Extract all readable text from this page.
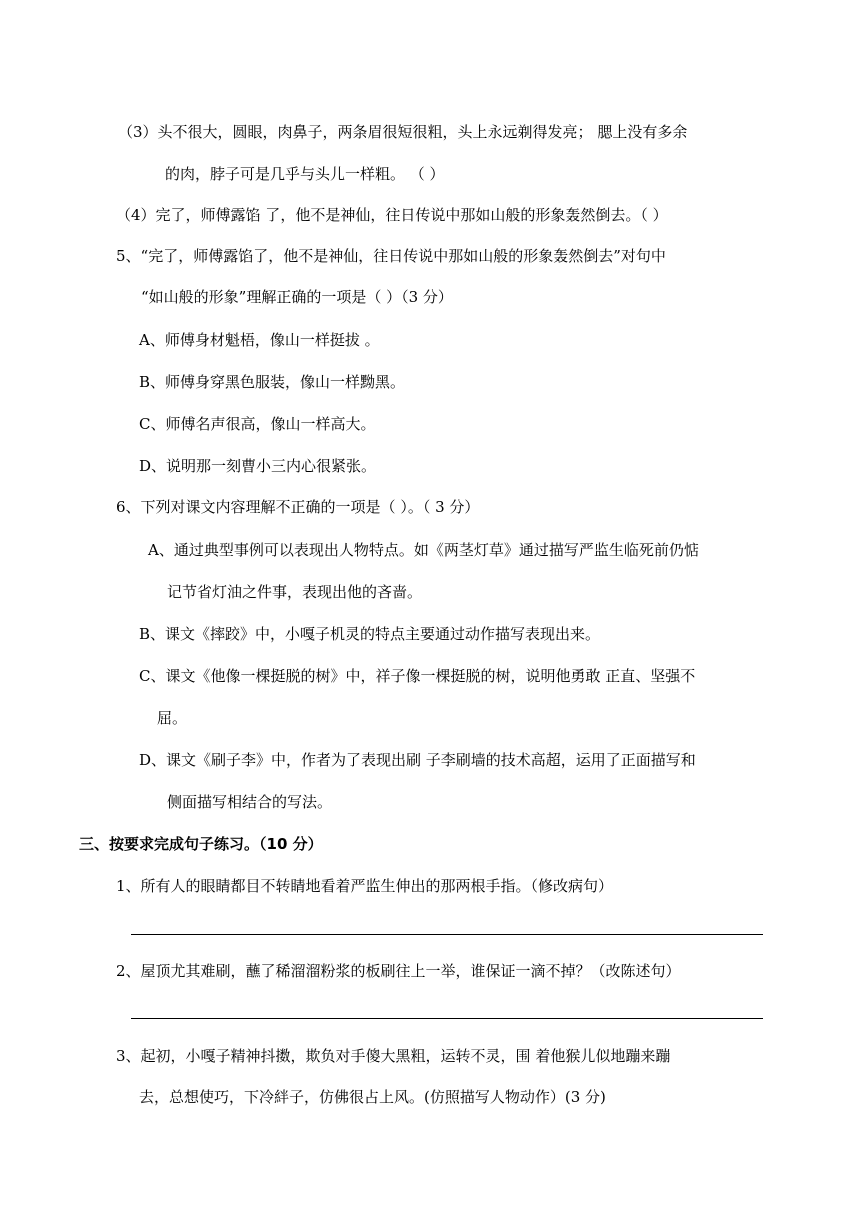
（3）头不很大，圆眼，肉鼻子，两条眉很短很粗，头上永远剃得发亮； 腮上没有多余
的肉，脖子可是几乎与头儿一样粗。 （ ）
（4）完了，师傅露馅 了，他不是神仙，往日传说中那如山般的形象轰然倒去。（ ）
5、“完了，师傅露馅了，他不是神仙，往日传说中那如山般的形象轰然倒去”对句中
“如山般的形象”理解正确的一项是（ ）（3 分）
A、师傅身材魁梧，像山一样挺拔 。
B、师傅身穿黑色服装，像山一样黝黑。
C、师傅名声很高，像山一样高大。
D、说明那一刻曹小三内心很紧张。
6、下列对课文内容理解不正确的一项是（ ）。（ 3 分）
A、通过典型事例可以表现出人物特点。如《两茎灯草》通过描写严监生临死前仍惦
记节省灯油之件事，表现出他的吝啬。
B、课文《摔跤》中，小嘎子机灵的特点主要通过动作描写表现出来。
C、课文《他像一棵挺脱的树》中，祥子像一棵挺脱的树，说明他勇敢 正直、坚强不
屈。
D、课文《刷子李》中，作者为了表现出刷 子李刷墙的技术高超，运用了正面描写和
侧面描写相结合的写法。
三、按要求完成句子练习。（10 分）
1、所有人的眼睛都目不转睛地看着严监生伸出的那两根手指。（修改病句）
2、屋顶尤其难刷，蘸了稀溜溜粉浆的板刷往上一举，谁保证一滴不掉？（改陈述句）
3、起初，小嘎子精神抖擞，欺负对手傻大黑粗，运转不灵，围 着他猴儿似地蹦来蹦
去，总想使巧，下冷絆子，仿佛很占上风。(仿照描写人物动作）(3 分)
